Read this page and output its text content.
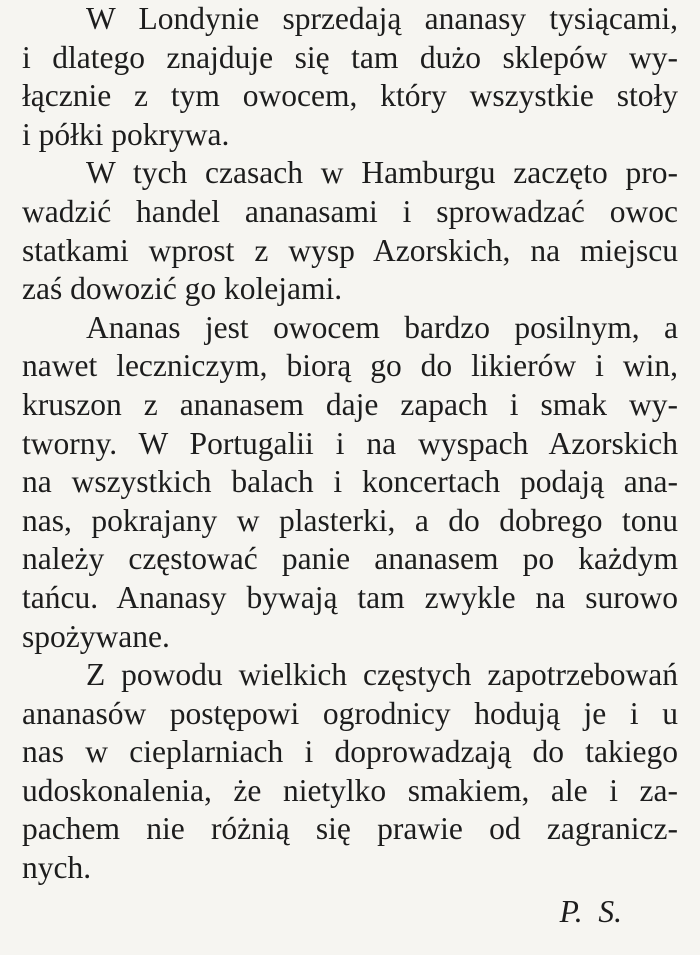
W Londynie sprzedają ananasy tysiącami,
i dlatego znajduje się tam dużo sklepów wy-
łącznie z tym owocem, który wszystkie stoły
i półki pokrywa.
W tych czasach w Hamburgu zaczęto pro-
wadzić handel ananasami i sprowadzać owoc
statkami wprost z wysp Azorskich, na miejscu
zaś dowozić go kolejami.
Ananas jest owocem bardzo posilnym, a
nawet leczniczym, biorą go do likierów i win,
kruszon z ananasem daje zapach i smak wy-
tworny. W Portugalii i na wyspach Azorskich
na wszystkich balach i koncertach podają ana-
nas, pokrajany w plasterki, a do dobrego tonu
należy częstować panie ananasem po każdym
tańcu. Ananasy bywają tam zwykle na surowo
spożywane.
Z powodu wielkich częstych zapotrzebowań
ananasów postępowi ogrodnicy hodują je i u
nas w cieplarniach i doprowadzają do takiego
udoskonalenia, że nietylko smakiem, ale i za-
pachem nie różnią się prawie od zagranicz-
nych.
P.  S.
